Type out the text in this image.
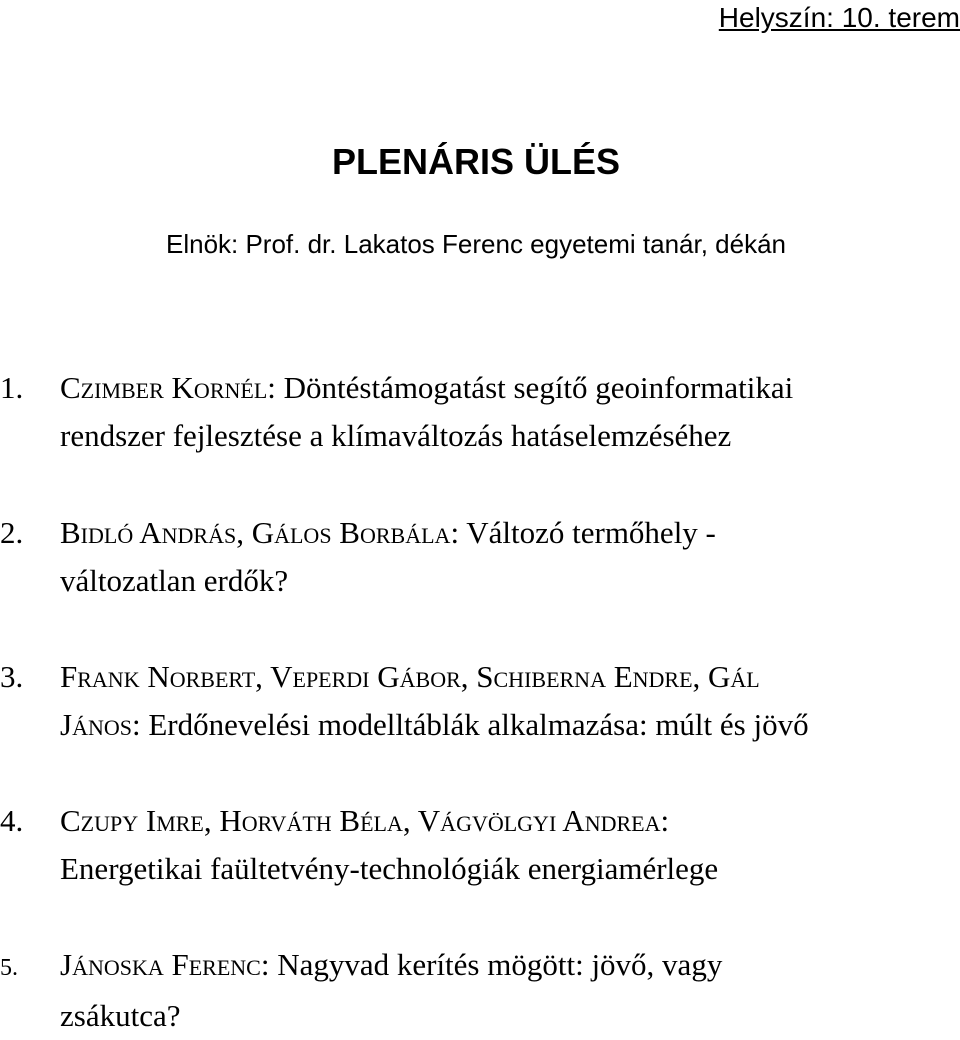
Helyszín: 10. terem
PLENÁRIS ÜLÉS
Elnök: Prof. dr. Lakatos Ferenc egyetemi tanár, dékán
1. Czimber Kornél: Döntéstámogatást segítő geoinformatikai
rendszer fejlesztése a klímaváltozás hatáselemzéséhez
2. Bidló András, Gálos Borbála: Változó termőhely -
változatlan erdők?
3. Frank Norbert, Veperdi Gábor, Schiberna Endre, Gál
János: Erdőnevelési modelltáblák alkalmazása: múlt és jövő
4. Czupy Imre, Horváth Béla, Vágvölgyi Andrea:
Energetikai faültetvény-technológiák energiamérlege
5. Jánoska Ferenc: Nagyvad kerítés mögött: jövő, vagy
zsákutca?
